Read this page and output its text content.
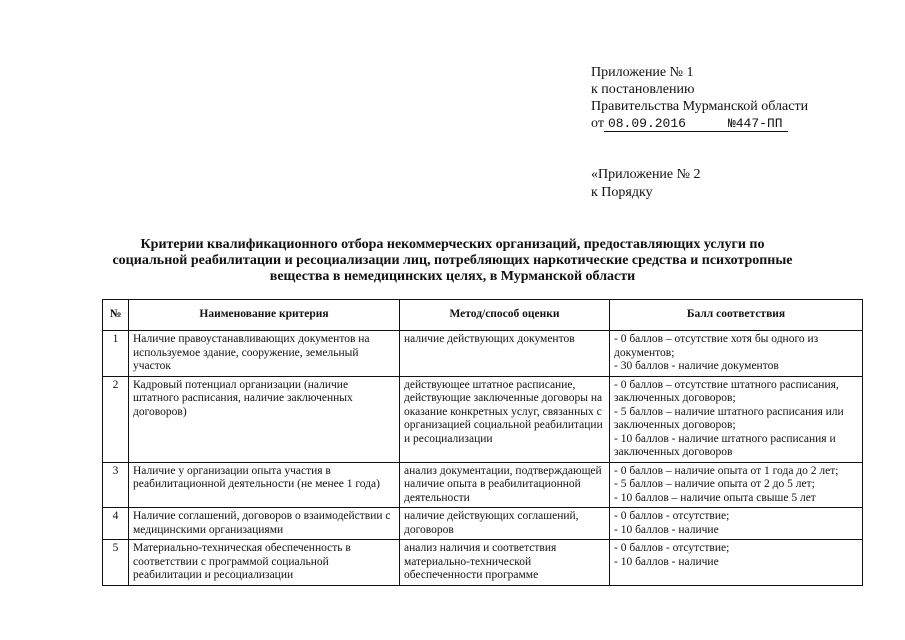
Приложение № 1
к постановлению
Правительства Мурманской области
от 08.09.2016	№447-ПП
«Приложение № 2
к Порядку
Критерии квалификационного отбора некоммерческих организаций, предоставляющих услуги по
социальной реабилитации и ресоциализации лиц, потребляющих наркотические средства и психотропные
вещества в немедицинских целях, в Мурманской области
№	Наименование критерия	Метод/способ оценки	Балл соответствия
1	Наличие правоустанавливающих документов на используемое здание, сооружение, земельный участок	наличие действующих документов	- 0 баллов – отсутствие хотя бы одного из документов;
- 30 баллов - наличие документов

2	Кадровый потенциал организации (наличие штатного расписания, наличие заключенных договоров)	действующее штатное расписание, действующие заключенные договоры на оказание конкретных услуг, связанных с организацией социальной реабилитации и ресоциализации	- 0 баллов – отсутствие штатного расписания, заключенных договоров;
- 5 баллов – наличие штатного расписания или заключенных договоров;
- 10 баллов - наличие штатного расписания и заключенных договоров

3	Наличие у организации опыта участия в реабилитационной деятельности (не менее 1 года)	анализ документации, подтверждающей наличие опыта в реабилитационной деятельности	- 0 баллов – наличие опыта от 1 года до 2 лет;
- 5 баллов – наличие опыта от 2 до 5 лет;
- 10 баллов – наличие опыта свыше 5 лет

4	Наличие соглашений, договоров о взаимодействии с медицинскими организациями	наличие действующих соглашений, договоров	- 0 баллов - отсутствие;
- 10 баллов - наличие

5	Материально-техническая обеспеченность в соответствии с программой социальной реабилитации и ресоциализации	анализ наличия и соответствия материально-технической обеспеченности программе	- 0 баллов - отсутствие;
- 10 баллов - наличие
